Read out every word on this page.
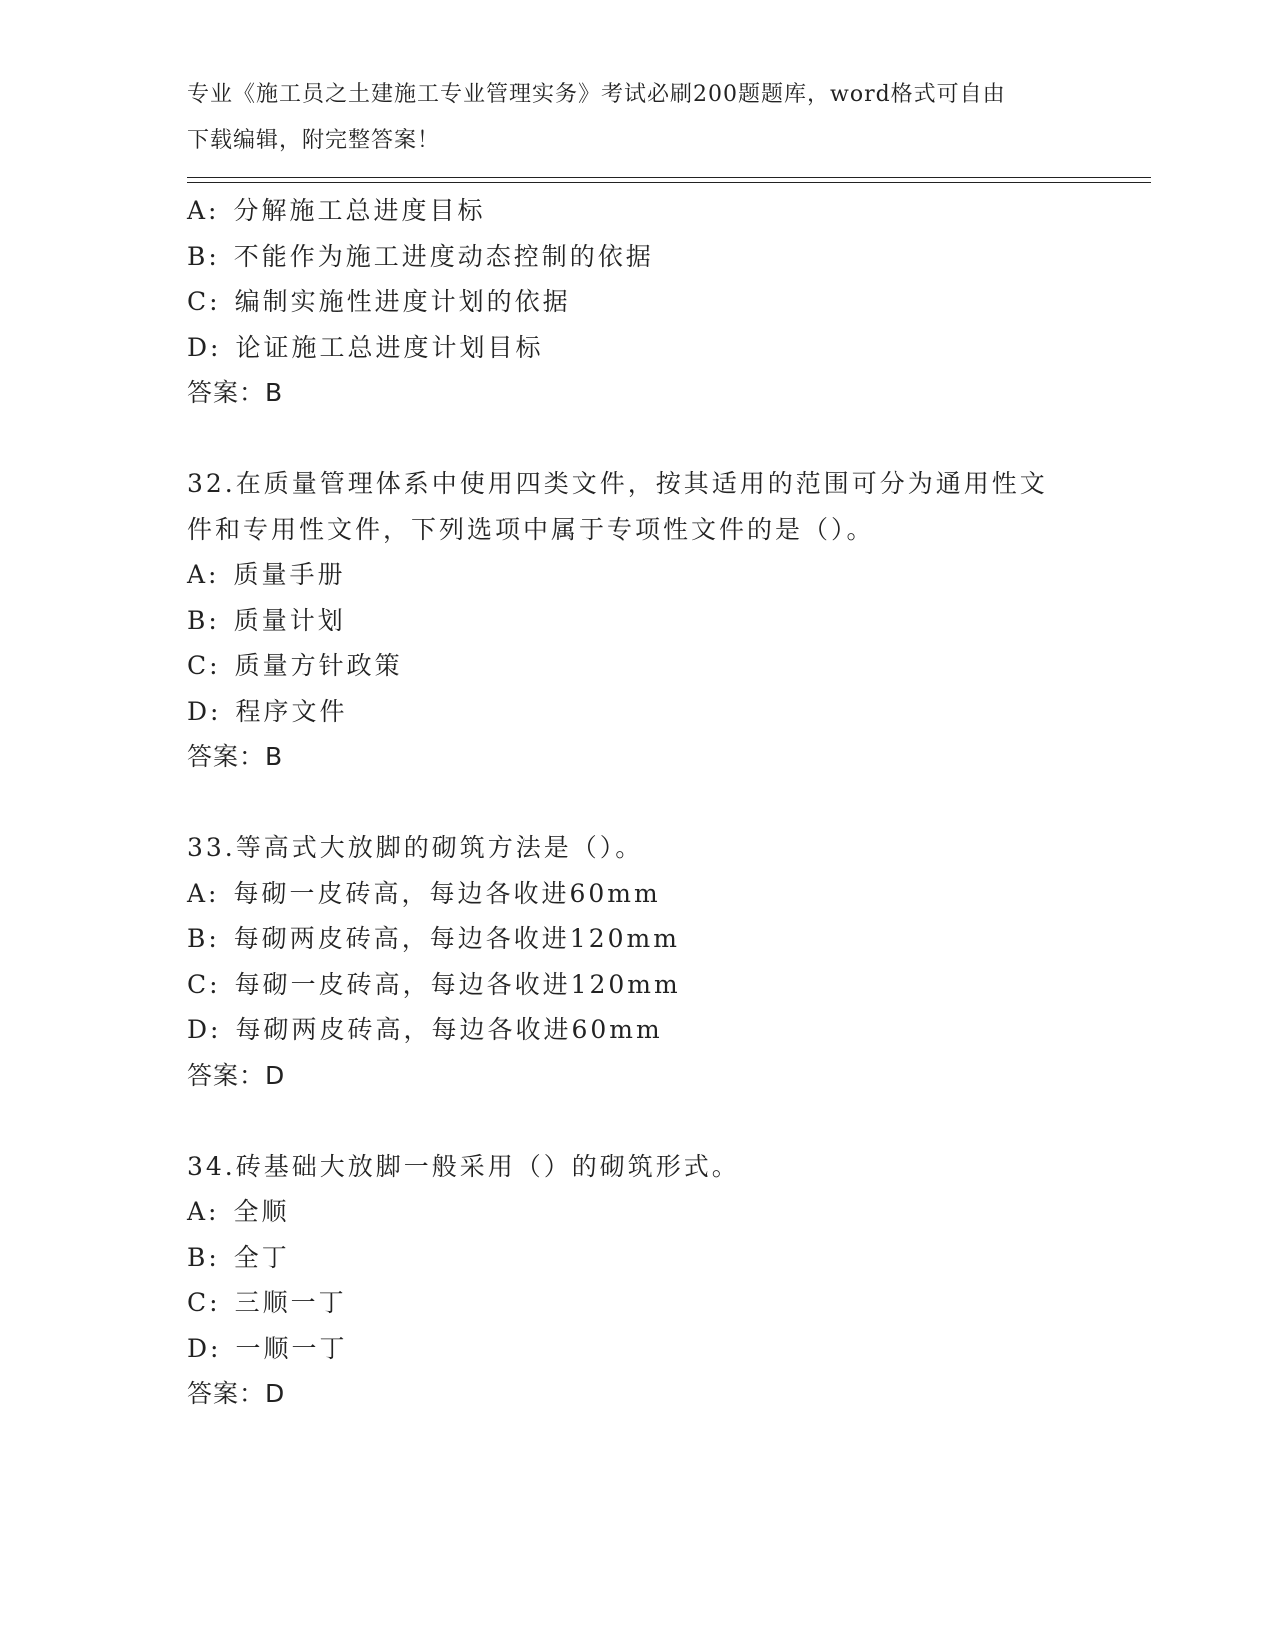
专业《施工员之土建施工专业管理实务》考试必刷200题题库，word格式可自由
下载编辑，附完整答案！
A: 分解施工总进度目标
B: 不能作为施工进度动态控制的依据
C: 编制实施性进度计划的依据
D: 论证施工总进度计划目标
答案：B
32.在质量管理体系中使用四类文件，按其适用的范围可分为通用性文
件和专用性文件，下列选项中属于专项性文件的是（）。
A: 质量手册
B: 质量计划
C: 质量方针政策
D: 程序文件
答案：B
33.等高式大放脚的砌筑方法是（）。
A: 每砌一皮砖高，每边各收进60mm
B: 每砌两皮砖高，每边各收进120mm
C: 每砌一皮砖高，每边各收进120mm
D: 每砌两皮砖高，每边各收进60mm
答案：D
34.砖基础大放脚一般采用（）的砌筑形式。
A: 全顺
B: 全丁
C: 三顺一丁
D: 一顺一丁
答案：D
